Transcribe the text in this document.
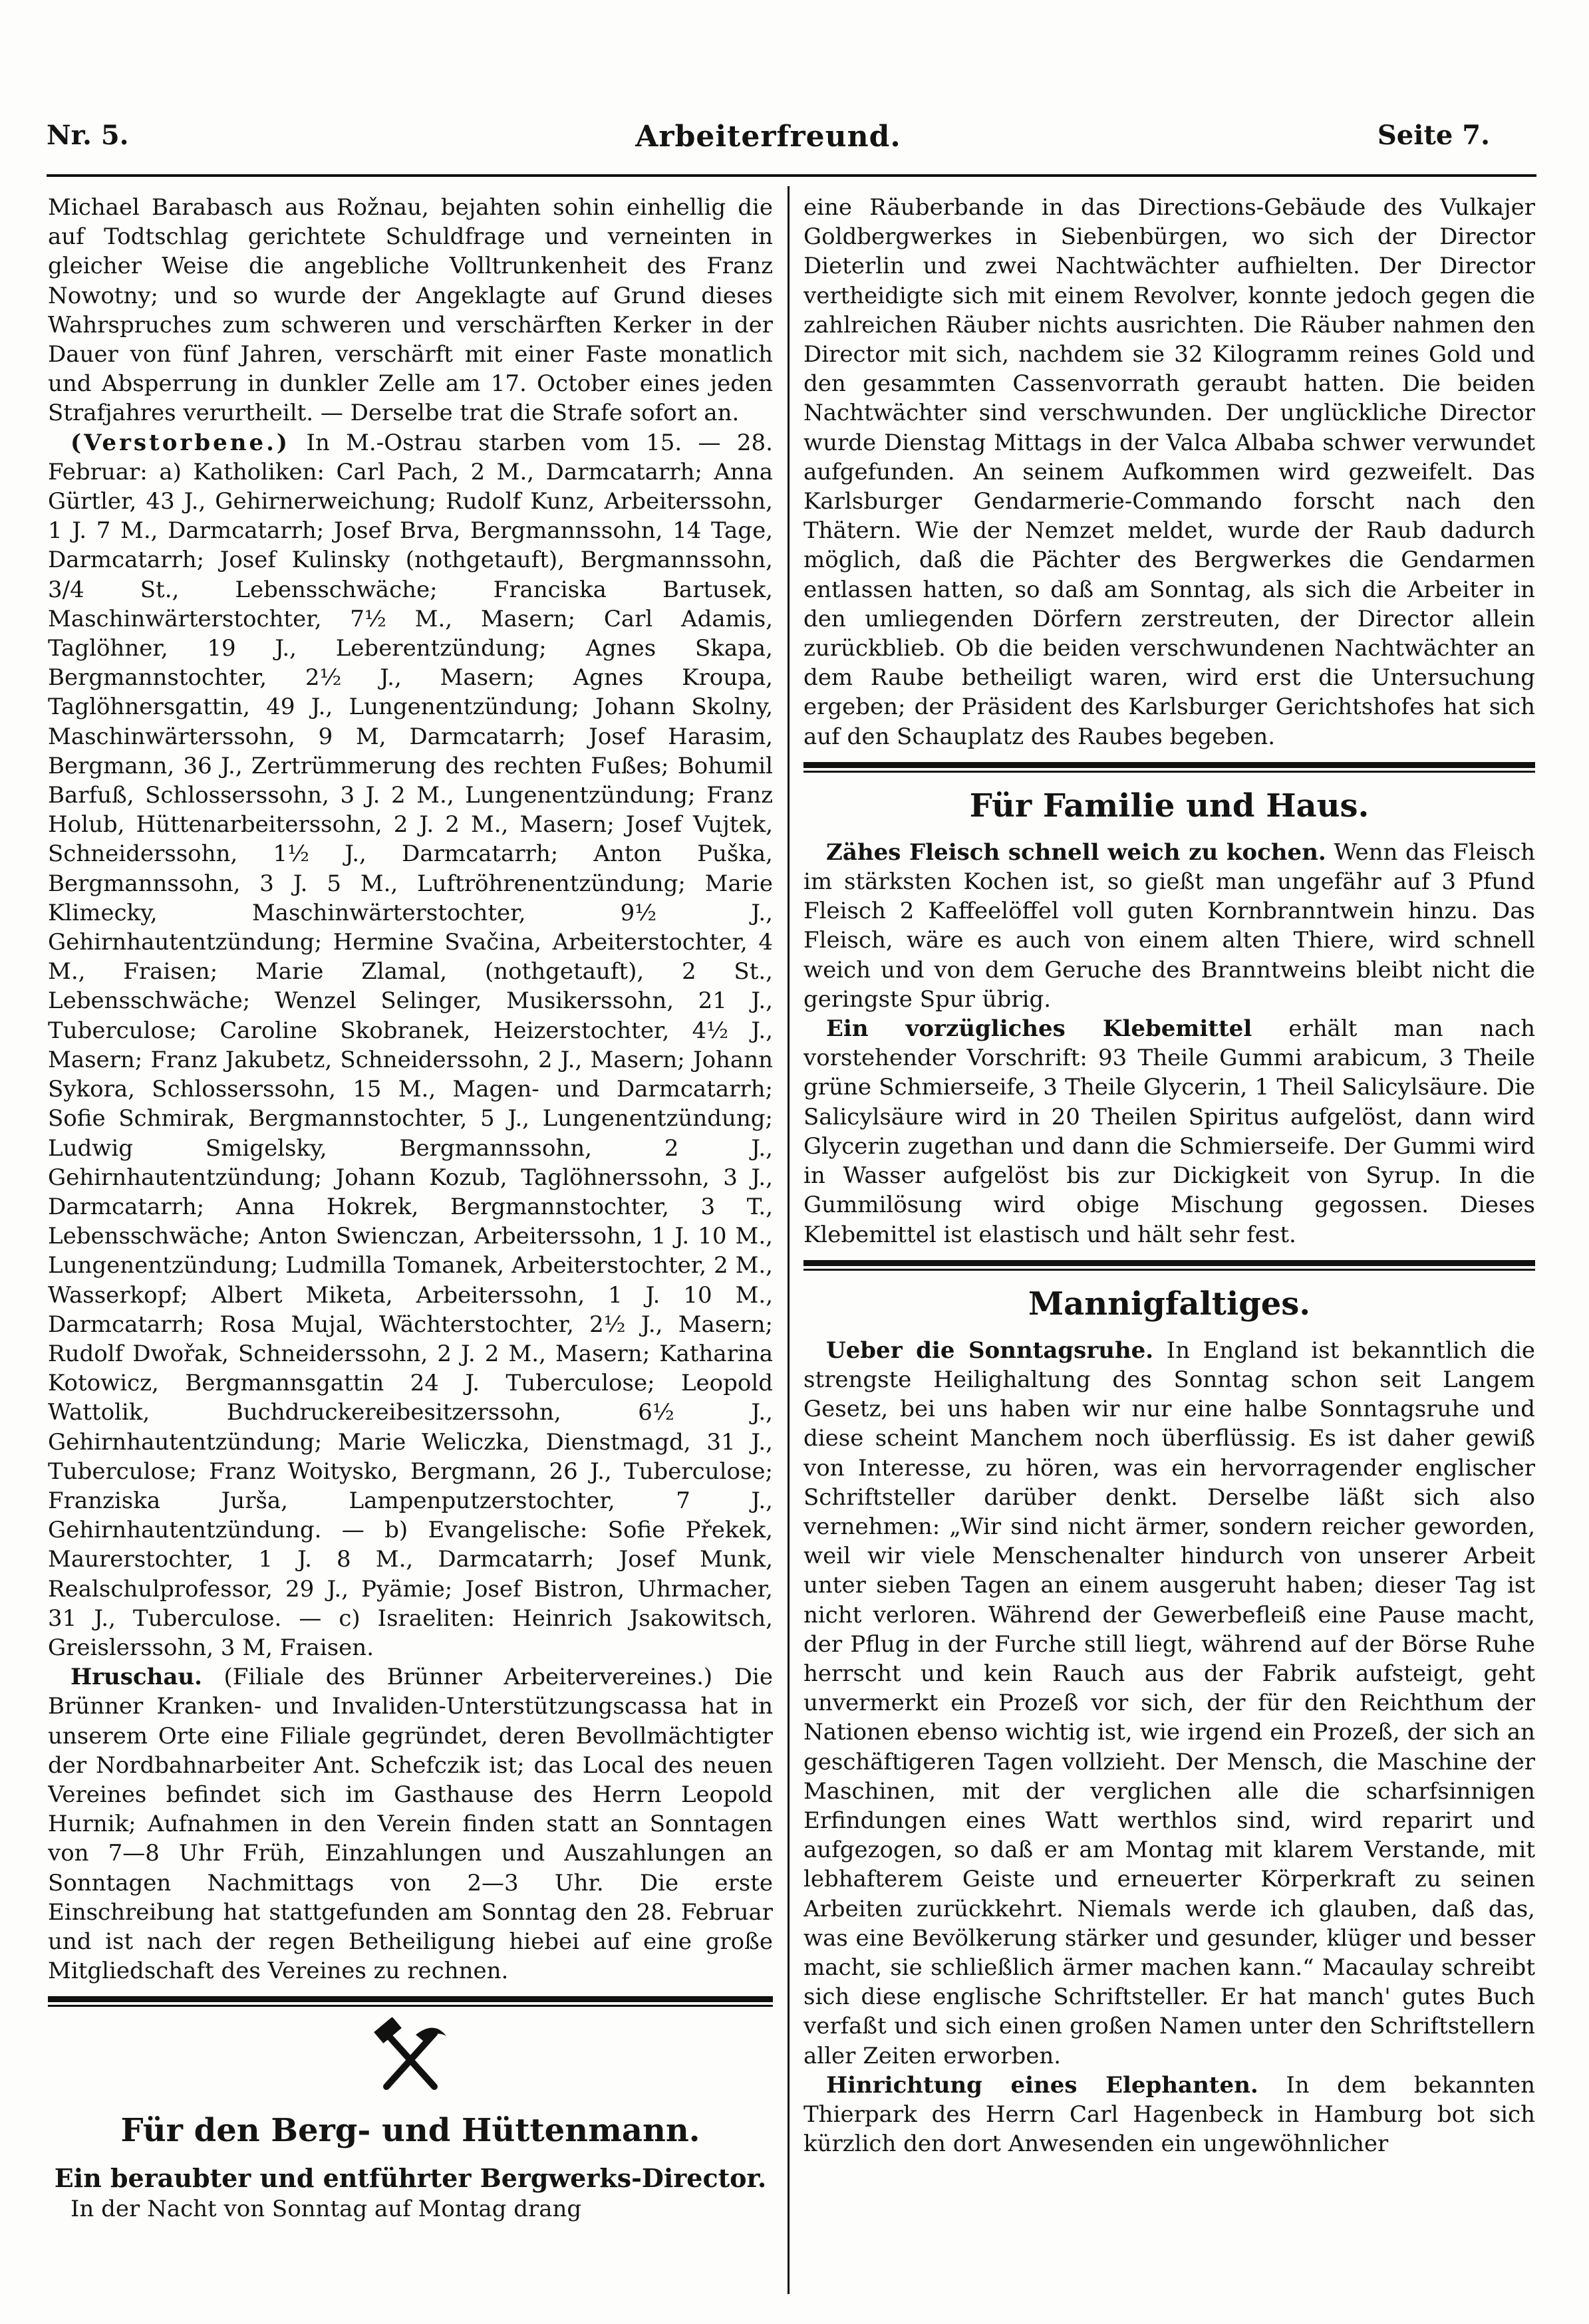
Nr. 5.	Arbeiterfreund.	Seite 7.

Michael Barabasch aus Rožnau, bejahten sohin einhellig die auf Todtschlag gerichtete Schuldfrage und verneinten in gleicher Weise die angebliche Volltrunkenheit des Franz Nowotny; und so wurde der Angeklagte auf Grund dieses Wahrspruches zum schweren und verschärften Kerker in der Dauer von fünf Jahren, verschärft mit einer Faste monatlich und Absperrung in dunkler Zelle am 17. October eines jeden Strafjahres verurtheilt. — Derselbe trat die Strafe sofort an.

(Verstorbene.) In M.-Ostrau starben vom 15. — 28. Februar: a) Katholiken: Carl Pach, 2 M., Darmcatarrh; Anna Gürtler, 43 J., Gehirnerweichung; Rudolf Kunz, Arbeiterssohn, 1 J. 7 M., Darmcatarrh; Josef Brva, Bergmannssohn, 14 Tage, Darmcatarrh; Josef Kulinsky (nothgetauft), Bergmannssohn, 3/4 St., Lebensschwäche; Franciska Bartusek, Maschinwärterstochter, 7½ M., Masern; Carl Adamis, Taglöhner, 19 J., Leberentzündung; Agnes Skapa, Bergmannstochter, 2½ J., Masern; Agnes Kroupa, Taglöhnersgattin, 49 J., Lungenentzündung; Johann Skolny, Maschinwärterssohn, 9 M, Darmcatarrh; Josef Harasim, Bergmann, 36 J., Zertrümmerung des rechten Fußes; Bohumil Barfuß, Schlosserssohn, 3 J. 2 M., Lungenentzündung; Franz Holub, Hüttenarbeiterssohn, 2 J. 2 M., Masern; Josef Vujtek, Schneiderssohn, 1½ J., Darmcatarrh; Anton Puška, Bergmannssohn, 3 J. 5 M., Luftröhrenentzündung; Marie Klimecky, Maschinwärterstochter, 9½ J., Gehirnhautentzündung; Hermine Svačina, Arbeiterstochter, 4 M., Fraisen; Marie Zlamal, (nothgetauft), 2 St., Lebensschwäche; Wenzel Selinger, Musikerssohn, 21 J., Tuberculose; Caroline Skobranek, Heizerstochter, 4½ J., Masern; Franz Jakubetz, Schneiderssohn, 2 J., Masern; Johann Sykora, Schlosserssohn, 15 M., Magen- und Darmcatarrh; Sofie Schmirak, Bergmannstochter, 5 J., Lungenentzündung; Ludwig Smigelsky, Bergmannssohn, 2 J., Gehirnhautentzündung; Johann Kozub, Taglöhnerssohn, 3 J., Darmcatarrh; Anna Hokrek, Bergmannstochter, 3 T., Lebensschwäche; Anton Swienczan, Arbeiterssohn, 1 J. 10 M., Lungenentzündung; Ludmilla Tomanek, Arbeiterstochter, 2 M., Wasserkopf; Albert Miketa, Arbeiterssohn, 1 J. 10 M., Darmcatarrh; Rosa Mujal, Wächterstochter, 2½ J., Masern; Rudolf Dwořak, Schneiderssohn, 2 J. 2 M., Masern; Katharina Kotowicz, Bergmannsgattin 24 J. Tuberculose; Leopold Wattolik, Buchdruckereibesitzerssohn, 6½ J., Gehirnhautentzündung; Marie Weliczka, Dienstmagd, 31 J., Tuberculose; Franz Woitysko, Bergmann, 26 J., Tuberculose; Franziska Jurša, Lampenputzerstochter, 7 J., Gehirnhautentzündung. — b) Evangelische: Sofie Překek, Maurerstochter, 1 J. 8 M., Darmcatarrh; Josef Munk, Realschulprofessor, 29 J., Pyämie; Josef Bistron, Uhrmacher, 31 J., Tuberculose. — c) Israeliten: Heinrich Jsakowitsch, Greislerssohn, 3 M, Fraisen.

Hruschau. (Filiale des Brünner Arbeitervereines.) Die Brünner Kranken- und Invaliden-Unterstützungscassa hat in unserem Orte eine Filiale gegründet, deren Bevollmächtigter der Nordbahnarbeiter Ant. Schefczik ist; das Local des neuen Vereines befindet sich im Gasthause des Herrn Leopold Hurnik; Aufnahmen in den Verein finden statt an Sonntagen von 7—8 Uhr Früh, Einzahlungen und Auszahlungen an Sonntagen Nachmittags von 2—3 Uhr. Die erste Einschreibung hat stattgefunden am Sonntag den 28. Februar und ist nach der regen Betheiligung hiebei auf eine große Mitgliedschaft des Vereines zu rechnen.

Für den Berg- und Hüttenmann.
Ein beraubter und entführter Bergwerks-Director.

In der Nacht von Sonntag auf Montag drang

eine Räuberbande in das Directions-Gebäude des Vulkajer Goldbergwerkes in Siebenbürgen, wo sich der Director Dieterlin und zwei Nachtwächter aufhielten. Der Director vertheidigte sich mit einem Revolver, konnte jedoch gegen die zahlreichen Räuber nichts ausrichten. Die Räuber nahmen den Director mit sich, nachdem sie 32 Kilogramm reines Gold und den gesammten Cassenvorrath geraubt hatten. Die beiden Nachtwächter sind verschwunden. Der unglückliche Director wurde Dienstag Mittags in der Valca Albaba schwer verwundet aufgefunden. An seinem Aufkommen wird gezweifelt. Das Karlsburger Gendarmerie-Commando forscht nach den Thätern. Wie der Nemzet meldet, wurde der Raub dadurch möglich, daß die Pächter des Bergwerkes die Gendarmen entlassen hatten, so daß am Sonntag, als sich die Arbeiter in den umliegenden Dörfern zerstreuten, der Director allein zurückblieb. Ob die beiden verschwundenen Nachtwächter an dem Raube betheiligt waren, wird erst die Untersuchung ergeben; der Präsident des Karlsburger Gerichtshofes hat sich auf den Schauplatz des Raubes begeben.

Für Familie und Haus.

Zähes Fleisch schnell weich zu kochen. Wenn das Fleisch im stärksten Kochen ist, so gießt man ungefähr auf 3 Pfund Fleisch 2 Kaffeelöffel voll guten Kornbranntwein hinzu. Das Fleisch, wäre es auch von einem alten Thiere, wird schnell weich und von dem Geruche des Branntweins bleibt nicht die geringste Spur übrig.

Ein vorzügliches Klebemittel erhält man nach vorstehender Vorschrift: 93 Theile Gummi arabicum, 3 Theile grüne Schmierseife, 3 Theile Glycerin, 1 Theil Salicylsäure. Die Salicylsäure wird in 20 Theilen Spiritus aufgelöst, dann wird Glycerin zugethan und dann die Schmierseife. Der Gummi wird in Wasser aufgelöst bis zur Dickigkeit von Syrup. In die Gummilösung wird obige Mischung gegossen. Dieses Klebemittel ist elastisch und hält sehr fest.

Mannigfaltiges.

Ueber die Sonntagsruhe. In England ist bekanntlich die strengste Heilighaltung des Sonntag schon seit Langem Gesetz, bei uns haben wir nur eine halbe Sonntagsruhe und diese scheint Manchem noch überflüssig. Es ist daher gewiß von Interesse, zu hören, was ein hervorragender englischer Schriftsteller darüber denkt. Derselbe läßt sich also vernehmen: „Wir sind nicht ärmer, sondern reicher geworden, weil wir viele Menschenalter hindurch von unserer Arbeit unter sieben Tagen an einem ausgeruht haben; dieser Tag ist nicht verloren. Während der Gewerbefleiß eine Pause macht, der Pflug in der Furche still liegt, während auf der Börse Ruhe herrscht und kein Rauch aus der Fabrik aufsteigt, geht unvermerkt ein Prozeß vor sich, der für den Reichthum der Nationen ebenso wichtig ist, wie irgend ein Prozeß, der sich an geschäftigeren Tagen vollzieht. Der Mensch, die Maschine der Maschinen, mit der verglichen alle die scharfsinnigen Erfindungen eines Watt werthlos sind, wird reparirt und aufgezogen, so daß er am Montag mit klarem Verstande, mit lebhafterem Geiste und erneuerter Körperkraft zu seinen Arbeiten zurückkehrt. Niemals werde ich glauben, daß das, was eine Bevölkerung stärker und gesunder, klüger und besser macht, sie schließlich ärmer machen kann.“ Macaulay schreibt sich diese englische Schriftsteller. Er hat manch' gutes Buch verfaßt und sich einen großen Namen unter den Schriftstellern aller Zeiten erworben.

Hinrichtung eines Elephanten. In dem bekannten Thierpark des Herrn Carl Hagenbeck in Hamburg bot sich kürzlich den dort Anwesenden ein ungewöhnlicher
